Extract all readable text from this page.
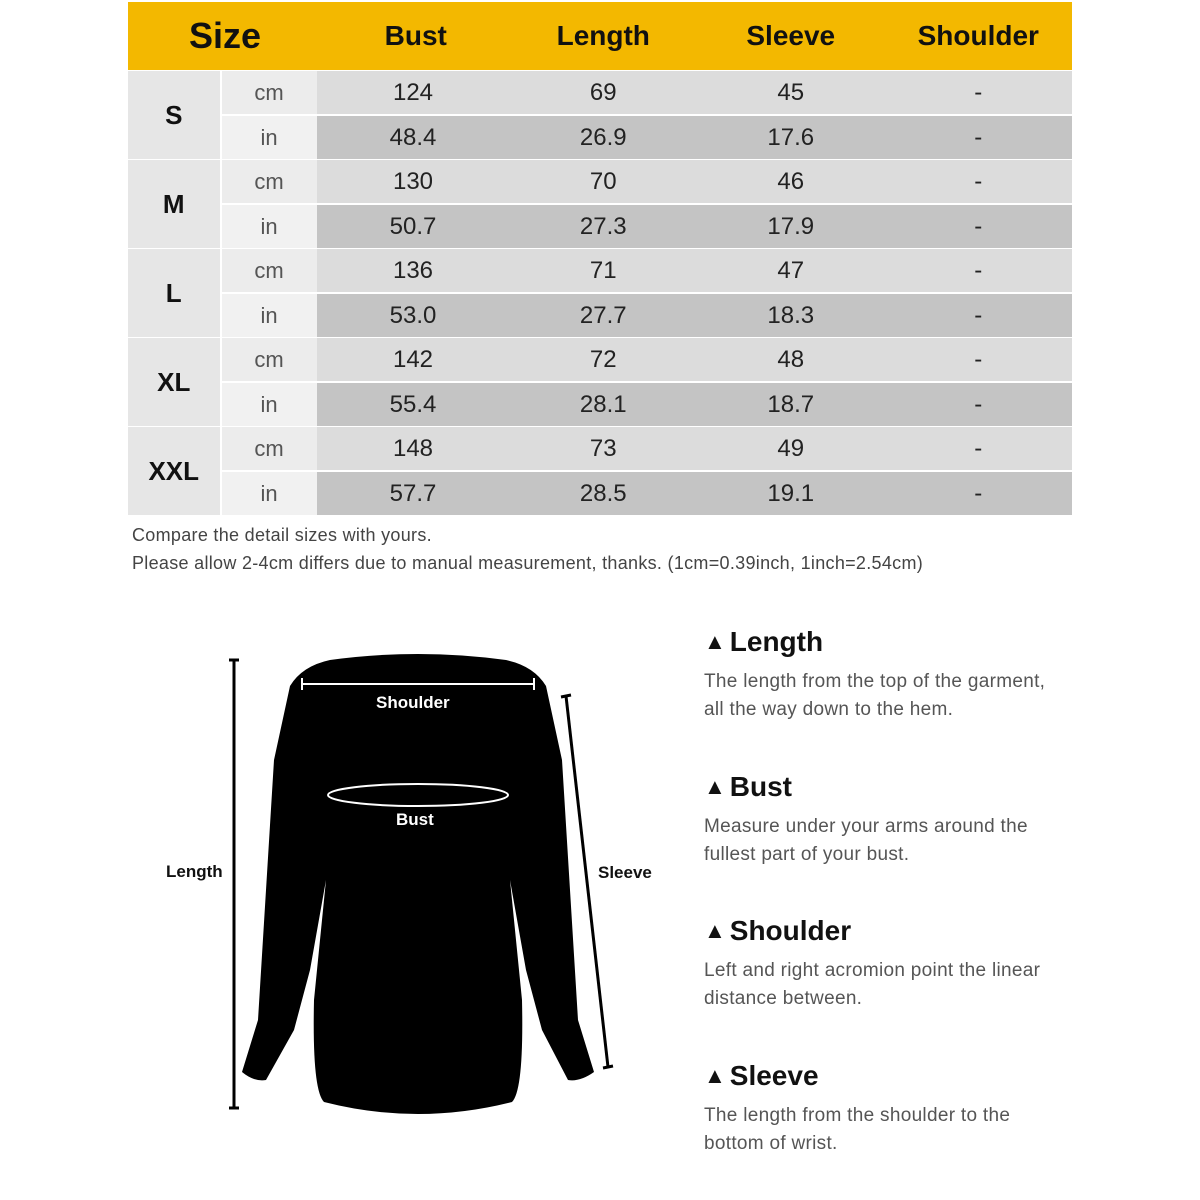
Size	Bust	Length	Sleeve	Shoulder
S
cm	124	69	45	-
in	48.4	26.9	17.6	-
M
cm	130	70	46	-
in	50.7	27.3	17.9	-
L
cm	136	71	47	-
in	53.0	27.7	18.3	-
XL
cm	142	72	48	-
in	55.4	28.1	18.7	-
XXL
cm	148	73	49	-
in	57.7	28.5	19.1	-
Compare the detail sizes with yours.
Please allow 2-4cm differs due to manual measurement, thanks. (1cm=0.39inch, 1inch=2.54cm)
Shoulder
Bust
Length	Sleeve
▲ Length
The length from the top of the garment,
all the way down to the hem.
▲ Bust
Measure under your arms around the
fullest part of your bust.
▲ Shoulder
Left and right acromion point the linear
distance between.
▲ Sleeve
The length from the shoulder to the
bottom of wrist.
